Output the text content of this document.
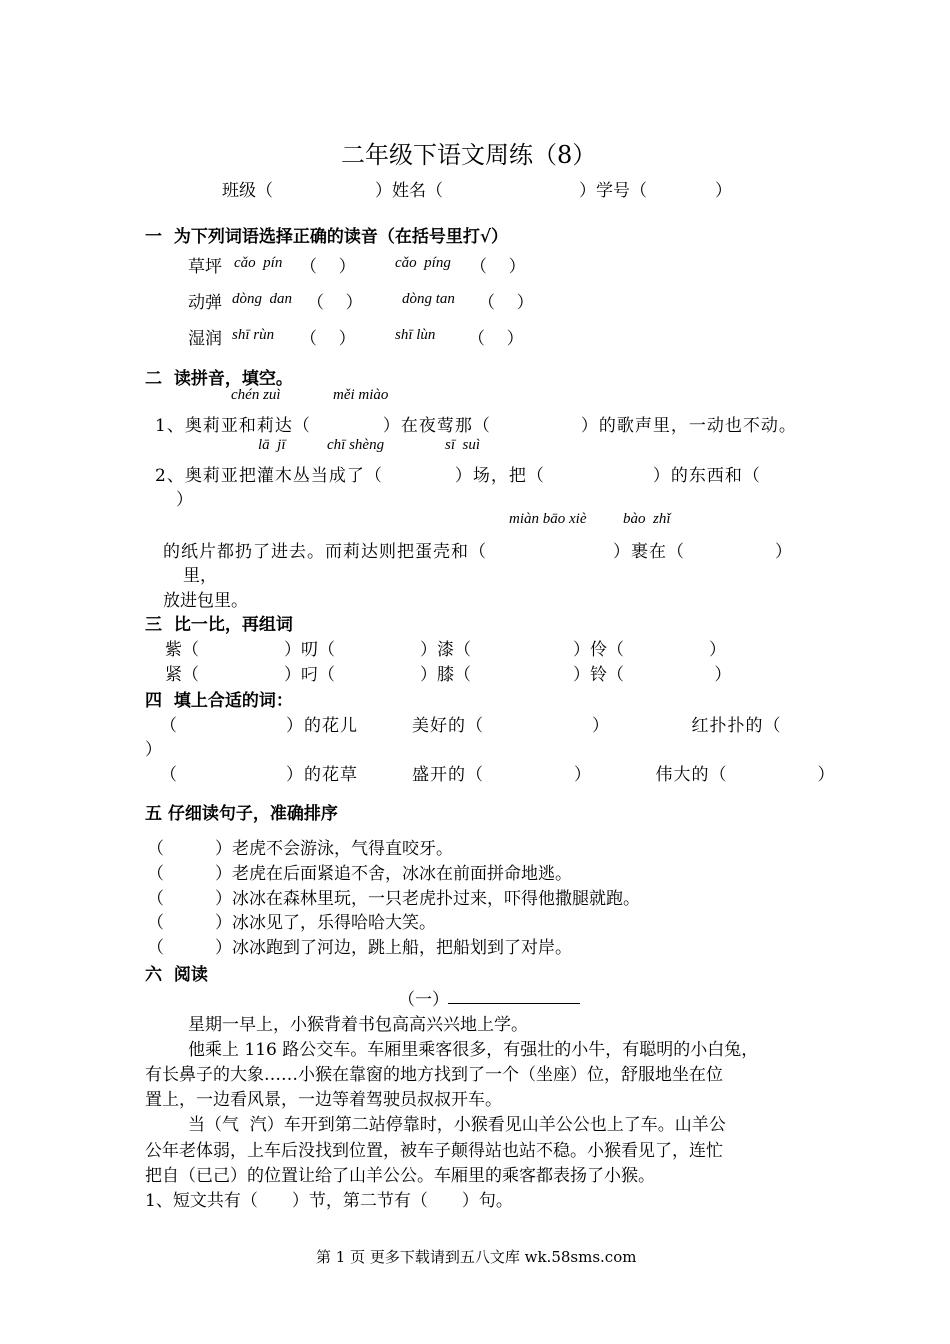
二年级下语文周练（8）
班级（　　　　　　）姓名（　　　　　　　　）学号（　　　　）
一  为下列词语选择正确的读音（在括号里打√）
草坪 cǎo  pín （    ）	cǎo  píng （    ）
动弹 dòng  dan （    ）	dòng tan （    ）
湿润 shī rùn （    ）	shī lùn （    ）
二  读拼音，填空。
chén zuì	měi miào
1、奥莉亚和莉达（　　　　）在夜莺那（　　　　　）的歌声里，一动也不动。
lā  jī	chī shèng	sī  suì
2、奥莉亚把灌木丛当成了（　　　　）场，把（　　　　　　）的东西和（
）
miàn bāo xiè bào  zhǐ
的纸片都扔了进去。而莉达则把蛋壳和（　　　　　　　）裹在（　　　　　）
里，
放进包里。
三  比一比，再组词
紫（　　　　　）叨（　　　　　）漆（　　　　　　）伶（　　　　　）
紧（　　　　　）叼（　　　　　）膝（　　　　　　）铃（　　　　　 ）
四  填上合适的词：
（　　　　　　）的花儿　　　美好的（　　　　　　）　　　　　红扑扑的（
）
（　　　　　　）的花草　　　盛开的（　　　　　）　　　　伟大的（　　　　　）
五 仔细读句子，准确排序
（　　　）老虎不会游泳，气得直咬牙。
（　　　）老虎在后面紧追不舍，冰冰在前面拼命地逃。
（　　　）冰冰在森林里玩，一只老虎扑过来，吓得他撒腿就跑。
（　　　）冰冰见了，乐得哈哈大笑。
（　　　）冰冰跑到了河边，跳上船，把船划到了对岸。
六  阅读
（一）
星期一早上，小猴背着书包高高兴兴地上学。
他乘上 116 路公交车。车厢里乘客很多，有强壮的小牛，有聪明的小白兔，
有长鼻子的大象……小猴在靠窗的地方找到了一个（坐座）位，舒服地坐在位
置上，一边看风景，一边等着驾驶员叔叔开车。
当（气  汽）车开到第二站停靠时，小猴看见山羊公公也上了车。山羊公
公年老体弱，上车后没找到位置，被车子颠得站也站不稳。小猴看见了，连忙
把自（已己）的位置让给了山羊公公。车厢里的乘客都表扬了小猴。
1、短文共有（　　）节，第二节有（　　）句。
第 1 页 更多下载请到五八文库 wk.58sms.com
